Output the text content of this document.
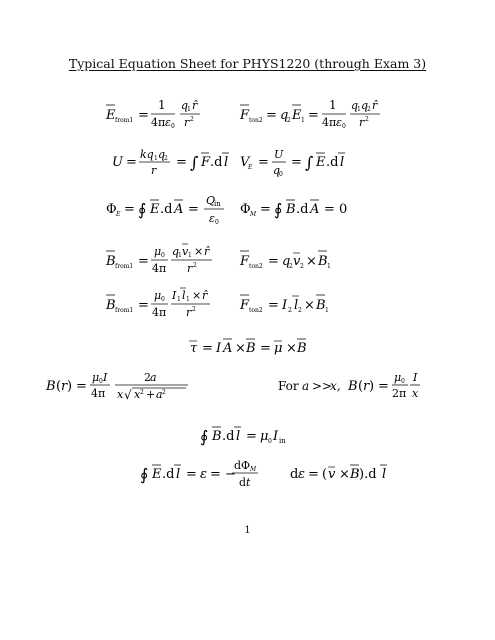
Typical Equation Sheet for PHYS1220 (through Exam 3)
E from1 =
1
4π ε 0
q
1 r̂
r 2	F ton2 = q
2 E 1 =
1
4π ε 0
q
1 q
2 r̂
r 2
U =
kq 1 q
2
r
= ∫ F .d l V
E =
U
q
0
= ∫ E .d l
Φ E = ∮ E .d A =
Q
in
ε 0
Φ M = ∮ B .d A = 0
B from1 =
μ 0
4π
q
1 v 1 × r̂
r 2	F ton2 = q
2 v 2 × B 1
B from1 =
μ 0
4π
I 1 l 1 × r̂
r 2	F ton2 = I 2 l 2 × B 1
τ = I A × B = μ × B
B ( r ) =
μ 0 I
4π
2 a
x √ x 2 + a 2	For a >>
x, B ( r ) =
μ 0
2π
I
x
∮ B .d l = μ 0 I in
∮ E .d l = ε = −
dΦ M
d t
d ε = ( v × B ).d l
1
